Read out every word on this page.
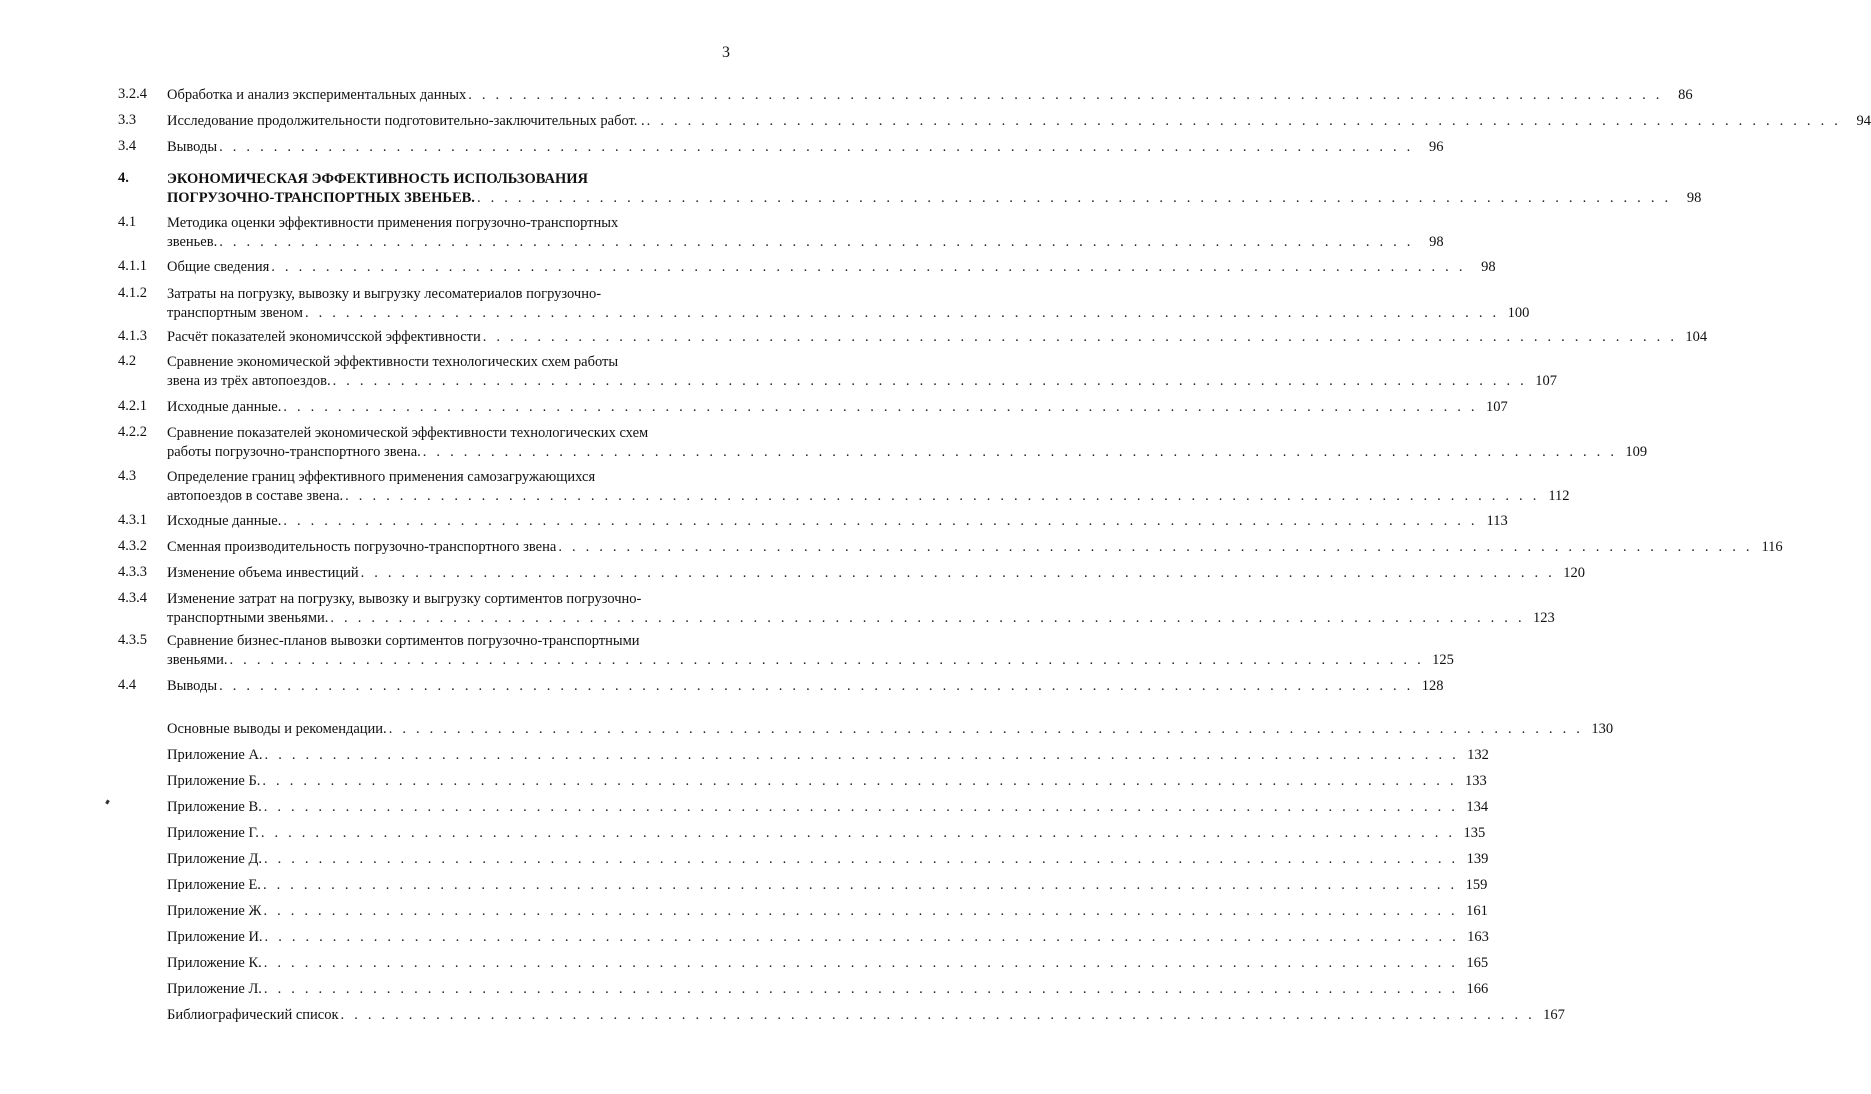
3
3.2.4 Обработка и анализ экспериментальных данных . . . . . . . . . . . . . . . . . . . . . . . . . . . . . . . . . . . . . . . . . . . . . . . . . . . . . . . . . . . . . . . . . . . . . . . . . . . . . . . . . . . . . . . .	86
3.3 Исследование продолжительности подготовительно-заключительных работ. . . . . . . . . . . . . . . . . . . . . . . . . . . . . . . . . . . . . . . . . . . . . . . . . . . . . . . . . . . . . . . . . . . . . . . . . . . . . . . . . . . . . . . . . .	94
3.4 Выводы . . . . . . . . . . . . . . . . . . . . . . . . . . . . . . . . . . . . . . . . . . . . . . . . . . . . . . . . . . . . . . . . . . . . . . . . . . . . . . . . . . . . . . . .	96
4.	ЭКОНОМИЧЕСКАЯ ЭФФЕКТИВНОСТЬ ИСПОЛЬЗОВАНИЯ
ПОГРУЗОЧНО-ТРАНСПОРТНЫХ ЗВЕНЬЕВ. . . . . . . . . . . . . . . . . . . . . . . . . . . . . . . . . . . . . . . . . . . . . . . . . . . . . . . . . . . . . . . . . . . . . . . . . . . . . . . . . . . . . . . . .	98
4.1 Методика оценки эффективности применения погрузочно-транспортных
звеньев. . . . . . . . . . . . . . . . . . . . . . . . . . . . . . . . . . . . . . . . . . . . . . . . . . . . . . . . . . . . . . . . . . . . . . . . . . . . . . . . . . . . . . . . .	98
4.1.1 Общие сведения . . . . . . . . . . . . . . . . . . . . . . . . . . . . . . . . . . . . . . . . . . . . . . . . . . . . . . . . . . . . . . . . . . . . . . . . . . . . . . . . . . . . . . . .	98
4.1.2 Затраты на погрузку, вывозку и выгрузку лесоматериалов погрузочно-
транспортным звеном . . . . . . . . . . . . . . . . . . . . . . . . . . . . . . . . . . . . . . . . . . . . . . . . . . . . . . . . . . . . . . . . . . . . . . . . . . . . . . . . . . . . . . . . 100
4.1.3 Расчёт показателей экономичсской эффективности . . . . . . . . . . . . . . . . . . . . . . . . . . . . . . . . . . . . . . . . . . . . . . . . . . . . . . . . . . . . . . . . . . . . . . . . . . . . . . . . . . . . . . . . 104
4.2 Сравнение экономической эффективности технологических схем работы
звена из трёх автопоездов. . . . . . . . . . . . . . . . . . . . . . . . . . . . . . . . . . . . . . . . . . . . . . . . . . . . . . . . . . . . . . . . . . . . . . . . . . . . . . . . . . . . . . . . . 107
4.2.1 Исходные данные. . . . . . . . . . . . . . . . . . . . . . . . . . . . . . . . . . . . . . . . . . . . . . . . . . . . . . . . . . . . . . . . . . . . . . . . . . . . . . . . . . . . . . . . . 107
4.2.2 Сравнение показателей экономической эффективности технологических схем
работы погрузочно-транспортного звена. . . . . . . . . . . . . . . . . . . . . . . . . . . . . . . . . . . . . . . . . . . . . . . . . . . . . . . . . . . . . . . . . . . . . . . . . . . . . . . . . . . . . . . . . 109
4.3 Определение границ эффективного применения самозагружающихся
автопоездов в составе звена. . . . . . . . . . . . . . . . . . . . . . . . . . . . . . . . . . . . . . . . . . . . . . . . . . . . . . . . . . . . . . . . . . . . . . . . . . . . . . . . . . . . . . . . . 112
4.3.1 Исходные данные. . . . . . . . . . . . . . . . . . . . . . . . . . . . . . . . . . . . . . . . . . . . . . . . . . . . . . . . . . . . . . . . . . . . . . . . . . . . . . . . . . . . . . . . . 113
4.3.2 Сменная производительность погрузочно-транспортного звена . . . . . . . . . . . . . . . . . . . . . . . . . . . . . . . . . . . . . . . . . . . . . . . . . . . . . . . . . . . . . . . . . . . . . . . . . . . . . . . . . . . . . . . . 116
4.3.3 Изменение объема инвестиций . . . . . . . . . . . . . . . . . . . . . . . . . . . . . . . . . . . . . . . . . . . . . . . . . . . . . . . . . . . . . . . . . . . . . . . . . . . . . . . . . . . . . . . . 120
4.3.4 Изменение затрат на погрузку, вывозку и выгрузку сортиментов погрузочно-
транспортными звеньями. . . . . . . . . . . . . . . . . . . . . . . . . . . . . . . . . . . . . . . . . . . . . . . . . . . . . . . . . . . . . . . . . . . . . . . . . . . . . . . . . . . . . . . . . 123
4.3.5 Сравнение бизнес-планов вывозки сортиментов погрузочно-транспортными
звеньями. . . . . . . . . . . . . . . . . . . . . . . . . . . . . . . . . . . . . . . . . . . . . . . . . . . . . . . . . . . . . . . . . . . . . . . . . . . . . . . . . . . . . . . . . 125
4.4 Выводы . . . . . . . . . . . . . . . . . . . . . . . . . . . . . . . . . . . . . . . . . . . . . . . . . . . . . . . . . . . . . . . . . . . . . . . . . . . . . . . . . . . . . . . . 128
Основные выводы и рекомендации. . . . . . . . . . . . . . . . . . . . . . . . . . . . . . . . . . . . . . . . . . . . . . . . . . . . . . . . . . . . . . . . . . . . . . . . . . . . . . . . . . . . . . . . . 130
Приложение А. . . . . . . . . . . . . . . . . . . . . . . . . . . . . . . . . . . . . . . . . . . . . . . . . . . . . . . . . . . . . . . . . . . . . . . . . . . . . . . . . . . . . . . . . 132
Приложение Б. . . . . . . . . . . . . . . . . . . . . . . . . . . . . . . . . . . . . . . . . . . . . . . . . . . . . . . . . . . . . . . . . . . . . . . . . . . . . . . . . . . . . . . . . 133
Приложение В. . . . . . . . . . . . . . . . . . . . . . . . . . . . . . . . . . . . . . . . . . . . . . . . . . . . . . . . . . . . . . . . . . . . . . . . . . . . . . . . . . . . . . . . . 134
Приложение Г. . . . . . . . . . . . . . . . . . . . . . . . . . . . . . . . . . . . . . . . . . . . . . . . . . . . . . . . . . . . . . . . . . . . . . . . . . . . . . . . . . . . . . . . . 135
Приложение Д. . . . . . . . . . . . . . . . . . . . . . . . . . . . . . . . . . . . . . . . . . . . . . . . . . . . . . . . . . . . . . . . . . . . . . . . . . . . . . . . . . . . . . . . . 139
Приложение Е. . . . . . . . . . . . . . . . . . . . . . . . . . . . . . . . . . . . . . . . . . . . . . . . . . . . . . . . . . . . . . . . . . . . . . . . . . . . . . . . . . . . . . . . . 159
Приложение Ж . . . . . . . . . . . . . . . . . . . . . . . . . . . . . . . . . . . . . . . . . . . . . . . . . . . . . . . . . . . . . . . . . . . . . . . . . . . . . . . . . . . . . . . . 161
Приложение И. . . . . . . . . . . . . . . . . . . . . . . . . . . . . . . . . . . . . . . . . . . . . . . . . . . . . . . . . . . . . . . . . . . . . . . . . . . . . . . . . . . . . . . . . 163
Приложение К. . . . . . . . . . . . . . . . . . . . . . . . . . . . . . . . . . . . . . . . . . . . . . . . . . . . . . . . . . . . . . . . . . . . . . . . . . . . . . . . . . . . . . . . . 165
Приложение Л. . . . . . . . . . . . . . . . . . . . . . . . . . . . . . . . . . . . . . . . . . . . . . . . . . . . . . . . . . . . . . . . . . . . . . . . . . . . . . . . . . . . . . . . . 166
Библиографический список . . . . . . . . . . . . . . . . . . . . . . . . . . . . . . . . . . . . . . . . . . . . . . . . . . . . . . . . . . . . . . . . . . . . . . . . . . . . . . . . . . . . . . . . 167
